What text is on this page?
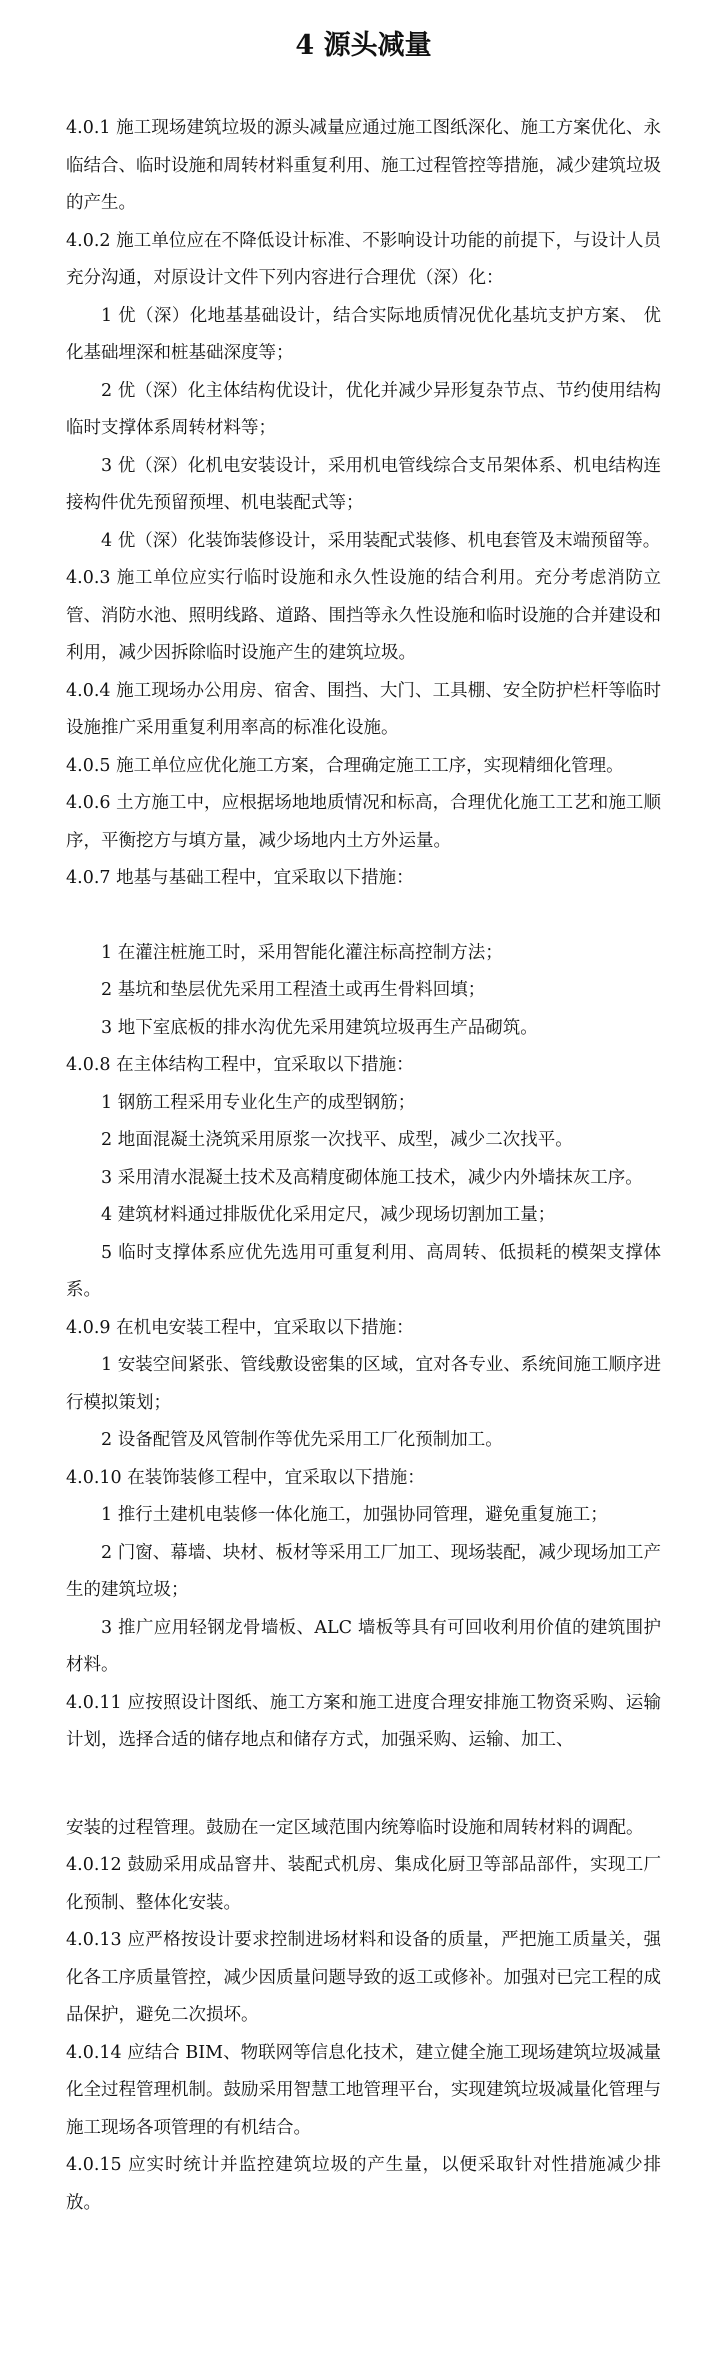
4 源头减量

4.0.1 施工现场建筑垃圾的源头减量应通过施工图纸深化、施工方案优化、永临结合、临时设施和周转材料重复利用、施工过程管控等措施，减少建筑垃圾的产生。

4.0.2 施工单位应在不降低设计标准、不影响设计功能的前提下，与设计人员充分沟通，对原设计文件下列内容进行合理优（深）化：

1 优（深）化地基基础设计，结合实际地质情况优化基坑支护方案、 优化基础埋深和桩基础深度等；

2 优（深）化主体结构优设计，优化并减少异形复杂节点、节约使用结构临时支撑体系周转材料等；

3 优（深）化机电安装设计，采用机电管线综合支吊架体系、机电结构连接构件优先预留预埋、机电装配式等；

4 优（深）化装饰装修设计，采用装配式装修、机电套管及末端预留等。

4.0.3 施工单位应实行临时设施和永久性设施的结合利用。充分考虑消防立管、消防水池、照明线路、道路、围挡等永久性设施和临时设施的合并建设和利用，减少因拆除临时设施产生的建筑垃圾。

4.0.4 施工现场办公用房、宿舍、围挡、大门、工具棚、安全防护栏杆等临时设施推广采用重复利用率高的标准化设施。

4.0.5 施工单位应优化施工方案，合理确定施工工序，实现精细化管理。

4.0.6 土方施工中，应根据场地地质情况和标高，合理优化施工工艺和施工顺序，平衡挖方与填方量，减少场地内土方外运量。

4.0.7 地基与基础工程中，宜采取以下措施：

1 在灌注桩施工时，采用智能化灌注标高控制方法；

2 基坑和垫层优先采用工程渣土或再生骨料回填；

3 地下室底板的排水沟优先采用建筑垃圾再生产品砌筑。

4.0.8 在主体结构工程中，宜采取以下措施：

1 钢筋工程采用专业化生产的成型钢筋；

2 地面混凝土浇筑采用原浆一次找平、成型，减少二次找平。

3 采用清水混凝土技术及高精度砌体施工技术，减少内外墙抹灰工序。

4 建筑材料通过排版优化采用定尺，减少现场切割加工量；

5 临时支撑体系应优先选用可重复利用、高周转、低损耗的模架支撑体系。

4.0.9 在机电安装工程中，宜采取以下措施：

1 安装空间紧张、管线敷设密集的区域，宜对各专业、系统间施工顺序进行模拟策划；

2 设备配管及风管制作等优先采用工厂化预制加工。

4.0.10 在装饰装修工程中，宜采取以下措施：

1 推行土建机电装修一体化施工，加强协同管理，避免重复施工；

2 门窗、幕墙、块材、板材等采用工厂加工、现场装配，减少现场加工产生的建筑垃圾；

3 推广应用轻钢龙骨墙板、ALC 墙板等具有可回收利用价值的建筑围护材料。

4.0.11 应按照设计图纸、施工方案和施工进度合理安排施工物资采购、运输计划，选择合适的储存地点和储存方式，加强采购、运输、加工、

安装的过程管理。鼓励在一定区域范围内统筹临时设施和周转材料的调配。

4.0.12 鼓励采用成品窨井、装配式机房、集成化厨卫等部品部件，实现工厂化预制、整体化安装。

4.0.13 应严格按设计要求控制进场材料和设备的质量，严把施工质量关，强化各工序质量管控，减少因质量问题导致的返工或修补。加强对已完工程的成品保护，避免二次损坏。

4.0.14 应结合 BIM、物联网等信息化技术，建立健全施工现场建筑垃圾减量化全过程管理机制。鼓励采用智慧工地管理平台，实现建筑垃圾减量化管理与施工现场各项管理的有机结合。

4.0.15 应实时统计并监控建筑垃圾的产生量，以便采取针对性措施减少排放。
